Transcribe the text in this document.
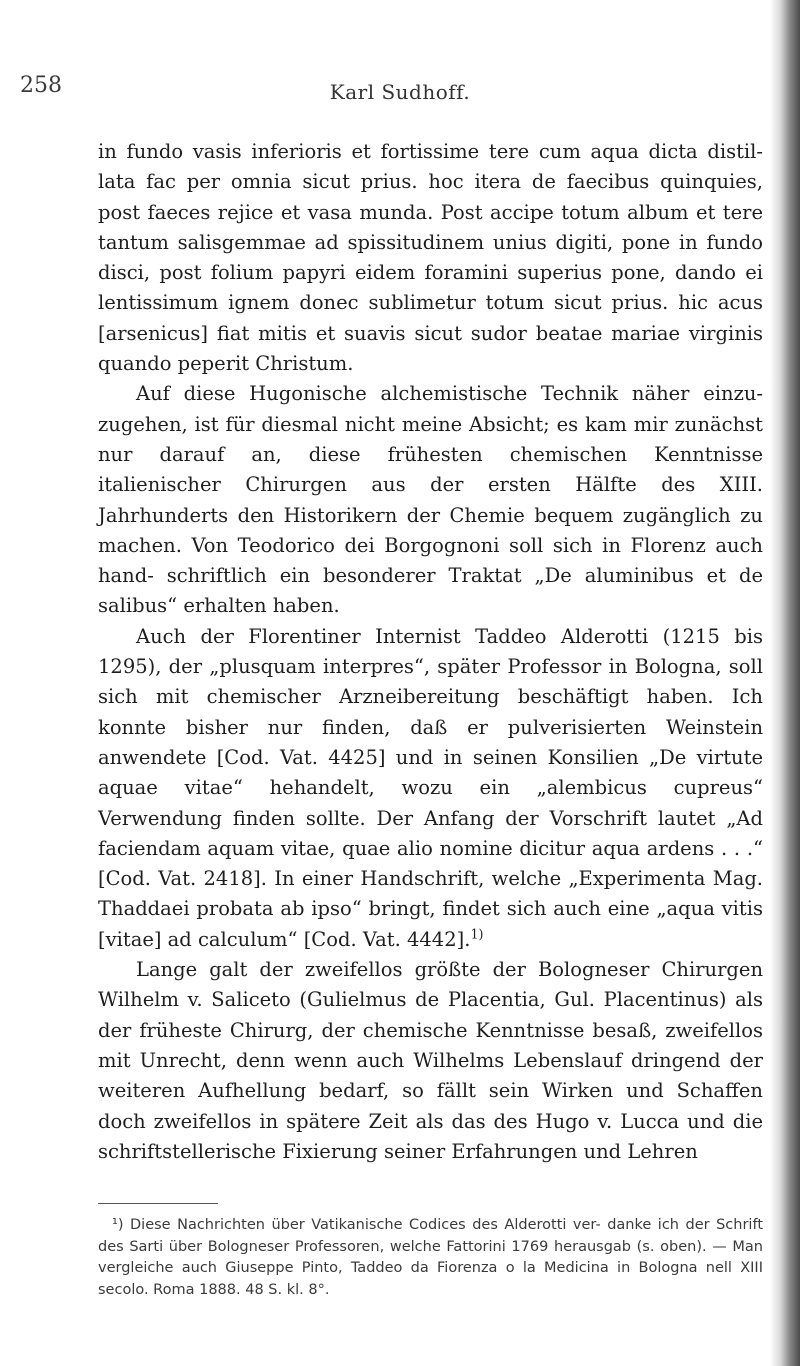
258	Karl Sudhoff.

in fundo vasis inferioris et fortissime tere cum aqua dicta distil- lata fac per omnia sicut prius. hoc itera de faecibus quinquies, post faeces rejice et vasa munda. Post accipe totum album et tere tantum salisgemmae ad spissitudinem unius digiti, pone in fundo disci, post folium papyri eidem foramini superius pone, dando ei lentissimum ignem donec sublimetur totum sicut prius. hic acus [arsenicus] fiat mitis et suavis sicut sudor beatae mariae virginis quando peperit Christum.

Auf diese Hugonische alchemistische Technik näher einzu- zugehen, ist für diesmal nicht meine Absicht; es kam mir zunächst nur darauf an, diese frühesten chemischen Kenntnisse italienischer Chirurgen aus der ersten Hälfte des XIII. Jahrhunderts den Historikern der Chemie bequem zugänglich zu machen. Von Teodorico dei Borgognoni soll sich in Florenz auch hand- schriftlich ein besonderer Traktat „De aluminibus et de salibus“ erhalten haben.

Auch der Florentiner Internist Taddeo Alderotti (1215 bis 1295), der „plusquam interpres“, später Professor in Bologna, soll sich mit chemischer Arzneibereitung beschäftigt haben. Ich konnte bisher nur finden, daß er pulverisierten Weinstein anwendete [Cod. Vat. 4425] und in seinen Konsilien „De virtute aquae vitae“ hehandelt, wozu ein „alembicus cupreus“ Verwendung finden sollte. Der Anfang der Vorschrift lautet „Ad faciendam aquam vitae, quae alio nomine dicitur aqua ardens . . .“ [Cod. Vat. 2418]. In einer Handschrift, welche „Experimenta Mag. Thaddaei probata ab ipso“ bringt, findet sich auch eine „aqua vitis [vitae] ad calculum“ [Cod. Vat. 4442].$^{1)}$

Lange galt der zweifellos größte der Bologneser Chirurgen Wilhelm v. Saliceto (Gulielmus de Placentia, Gul. Placentinus) als der früheste Chirurg, der chemische Kenntnisse besaß, zweifellos mit Unrecht, denn wenn auch Wilhelms Lebenslauf dringend der weiteren Aufhellung bedarf, so fällt sein Wirken und Schaffen doch zweifellos in spätere Zeit als das des Hugo v. Lucca und die schriftstellerische Fixierung seiner Erfahrungen und Lehren

¹) Diese Nachrichten über Vatikanische Codices des Alderotti ver- danke ich der Schrift des Sarti über Bologneser Professoren, welche Fattorini 1769 herausgab (s. oben). — Man vergleiche auch Giuseppe Pinto, Taddeo da Fiorenza o la Medicina in Bologna nell XIII secolo. Roma 1888. 48 S. kl. 8°.
